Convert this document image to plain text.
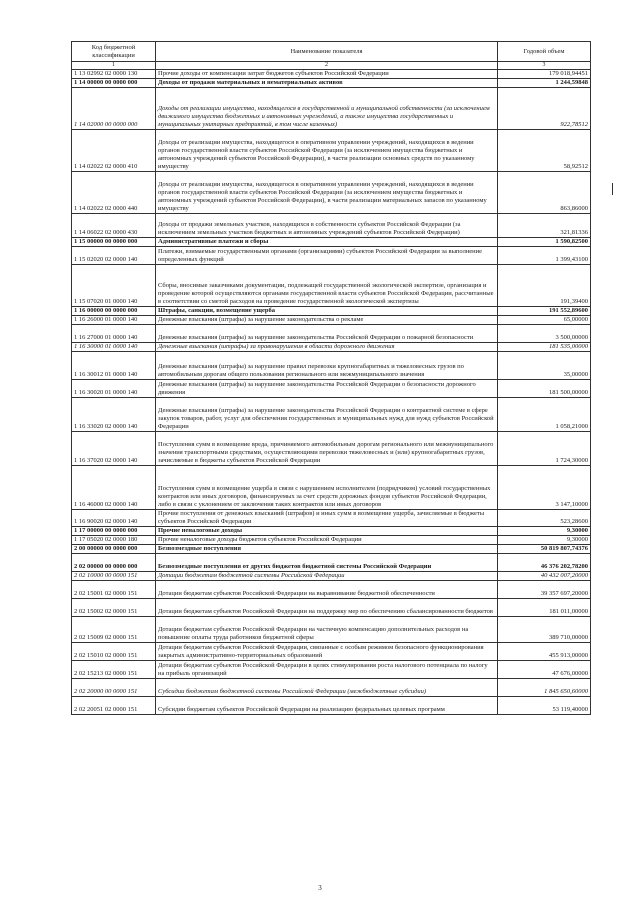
Код бюджетной классификации	Наименование показателя	Годовой объем
1	2	3
1 13 02992 02 0000 130	Прочие доходы от компенсации затрат бюджетов субъектов Российской Федерации	179 018,94451
1 14 00000 00 0000 000	Доходы от продажи материальных и нематериальных активов	1 244,59848
1 14 02000 00 0000 000	Доходы от реализации имущества, находящегося в государственной и муниципальной собственности (за исключением движимого имущества бюджетных и автономных учреждений, а также имущества государственных и муниципальных унитарных предприятий, в том числе казенных)	922,78512
1 14 02022 02 0000 410	Доходы от реализации имущества, находящегося в оперативном управлении учреждений, находящихся в ведении органов государственной власти субъектов Российской Федерации (за исключением имущества бюджетных и автономных учреждений субъектов Российской Федерации), в части реализации основных средств по указанному имуществу	58,92512
1 14 02022 02 0000 440	Доходы от реализации имущества, находящегося в оперативном управлении учреждений, находящихся в ведении органов государственной власти субъектов Российской Федерации (за исключением имущества бюджетных и автономных учреждений субъектов Российской Федерации), в части реализации материальных запасов по указанному имуществу	863,86000
1 14 06022 02 0000 430	Доходы от продажи земельных участков, находящихся в собственности субъектов Российской Федерации (за исключением земельных участков бюджетных и автономных учреждений субъектов Российской Федерации)	321,81336
1 15 00000 00 0000 000	Административные платежи и сборы	1 590,82500
1 15 02020 02 0000 140	Платежи, взимаемые государственными органами (организациями) субъектов Российской Федерации за выполнение определенных функций	1 399,43100
1 15 07020 01 0000 140	Сборы, вносимые заказчиками документации, подлежащей государственной экологической экспертизе, организация и проведение которой осуществляются органами государственной власти субъектов Российской Федерации, рассчитанные в соответствии со сметой расходов на проведение государственной экологической экспертизы	191,39400
1 16 00000 00 0000 000	Штрафы, санкции, возмещение ущерба	191 552,89600
1 16 26000 01 0000 140	Денежные взыскания (штрафы) за нарушение законодательства о рекламе	65,00000
1 16 27000 01 0000 140	Денежные взыскания (штрафы) за нарушение законодательства Российской Федерации о пожарной безопасности	3 500,00000
1 16 30000 01 0000 140	Денежные взыскания (штрафы) за правонарушения в области дорожного движения	181 535,00000
1 16 30012 01 0000 140	Денежные взыскания (штрафы) за нарушение правил перевозки крупногабаритных и тяжеловесных грузов по автомобильным дорогам общего пользования регионального или межмуниципального значения	35,00000
1 16 30020 01 0000 140	Денежные взыскания (штрафы) за нарушение законодательства Российской Федерации о безопасности дорожного движения	181 500,00000
1 16 33020 02 0000 140	Денежные взыскания (штрафы) за нарушение законодательства Российской Федерации о контрактной системе в сфере закупок товаров, работ, услуг для обеспечения государственных и муниципальных нужд для нужд субъектов Российской Федерации	1 058,21000
1 16 37020 02 0000 140	Поступления сумм в возмещение вреда, причиняемого автомобильным дорогам регионального или межмуниципального значения транспортными средствами, осуществляющими перевозки тяжеловесных и (или) крупногабаритных грузов, зачисляемые в бюджеты субъектов Российской Федерации	1 724,30000
1 16 46000 02 0000 140	Поступления сумм в возмещение ущерба в связи с нарушением исполнителем (подрядчиком) условий государственных контрактов или иных договоров, финансируемых за счет средств дорожных фондов субъектов Российской Федерации, либо в связи с уклонением от заключения таких контрактов или иных договоров	3 147,10000
1 16 90020 02 0000 140	Прочие поступления от денежных взысканий (штрафов) и иных сумм в возмещение ущерба, зачисляемые в бюджеты субъектов Российской Федерации	523,28600
1 17 00000 00 0000 000	Прочие неналоговые доходы	9,30000
1 17 05020 02 0000 180	Прочие неналоговые доходы бюджетов субъектов Российской Федерации	9,30000
2 00 00000 00 0000 000	Безвозмездные поступления	50 819 807,74376
2 02 00000 00 0000 000	Безвозмездные поступления от других бюджетов бюджетной системы Российской Федерации	46 376 202,78200
2 02 10000 00 0000 151	Дотации бюджетам бюджетной системы Российской Федерации	40 432 007,20000
2 02 15001 02 0000 151	Дотации бюджетам субъектов Российской Федерации на выравнивание бюджетной обеспеченности	39 357 697,20000
2 02 15002 02 0000 151	Дотации бюджетам субъектов Российской Федерации на поддержку мер по обеспечению сбалансированности бюджетов	181 011,00000
2 02 15009 02 0000 151	Дотации бюджетам субъектов Российской Федерации на частичную компенсацию дополнительных расходов на повышение оплаты труда работников бюджетной сферы	389 710,00000
2 02 15010 02 0000 151	Дотации бюджетам субъектов Российской Федерации, связанные с особым режимом безопасного функционирования закрытых административно-территориальных образований	455 913,00000
2 02 15213 02 0000 151	Дотации бюджетам субъектов Российской Федерации в целях стимулирования роста налогового потенциала по налогу на прибыль организаций	47 676,00000
2 02 20000 00 0000 151	Субсидии бюджетам бюджетной системы Российской Федерации (межбюджетные субсидии)	1 845 650,60000
2 02 20051 02 0000 151	Субсидии бюджетам субъектов Российской Федерации на реализацию федеральных целевых программ	53 119,40000
3
